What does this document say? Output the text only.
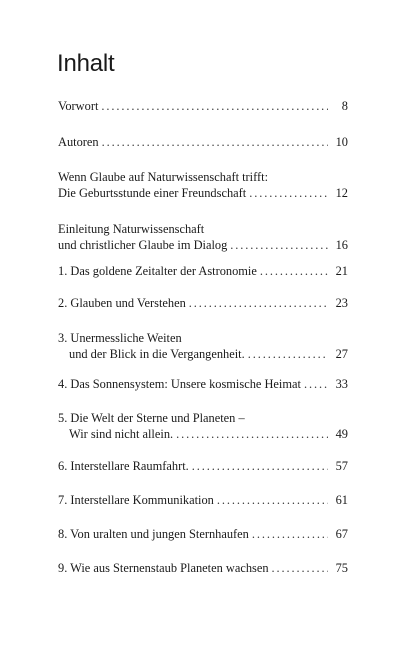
Inhalt
Vorwort . . .	8
Autoren . . .	10
Wenn Glaube auf Naturwissenschaft trifft:
Die Geburtsstunde einer Freundschaft . . .	12
Einleitung Naturwissenschaft
und christlicher Glaube im Dialog . . .	16
1. Das goldene Zeitalter der Astronomie . . .	21
2. Glauben und Verstehen . . .	23
3. Unermessliche Weiten
und der Blick in die Vergangenheit. . . .	27
4. Das Sonnensystem: Unsere kosmische Heimat . . .	33
5. Die Welt der Sterne und Planeten –
Wir sind nicht allein. . . .	49
6. Interstellare Raumfahrt. . . .	57
7. Interstellare Kommunikation . . .	61
8. Von uralten und jungen Sternhaufen . . .	67
9. Wie aus Sternenstaub Planeten wachsen . . .	75
